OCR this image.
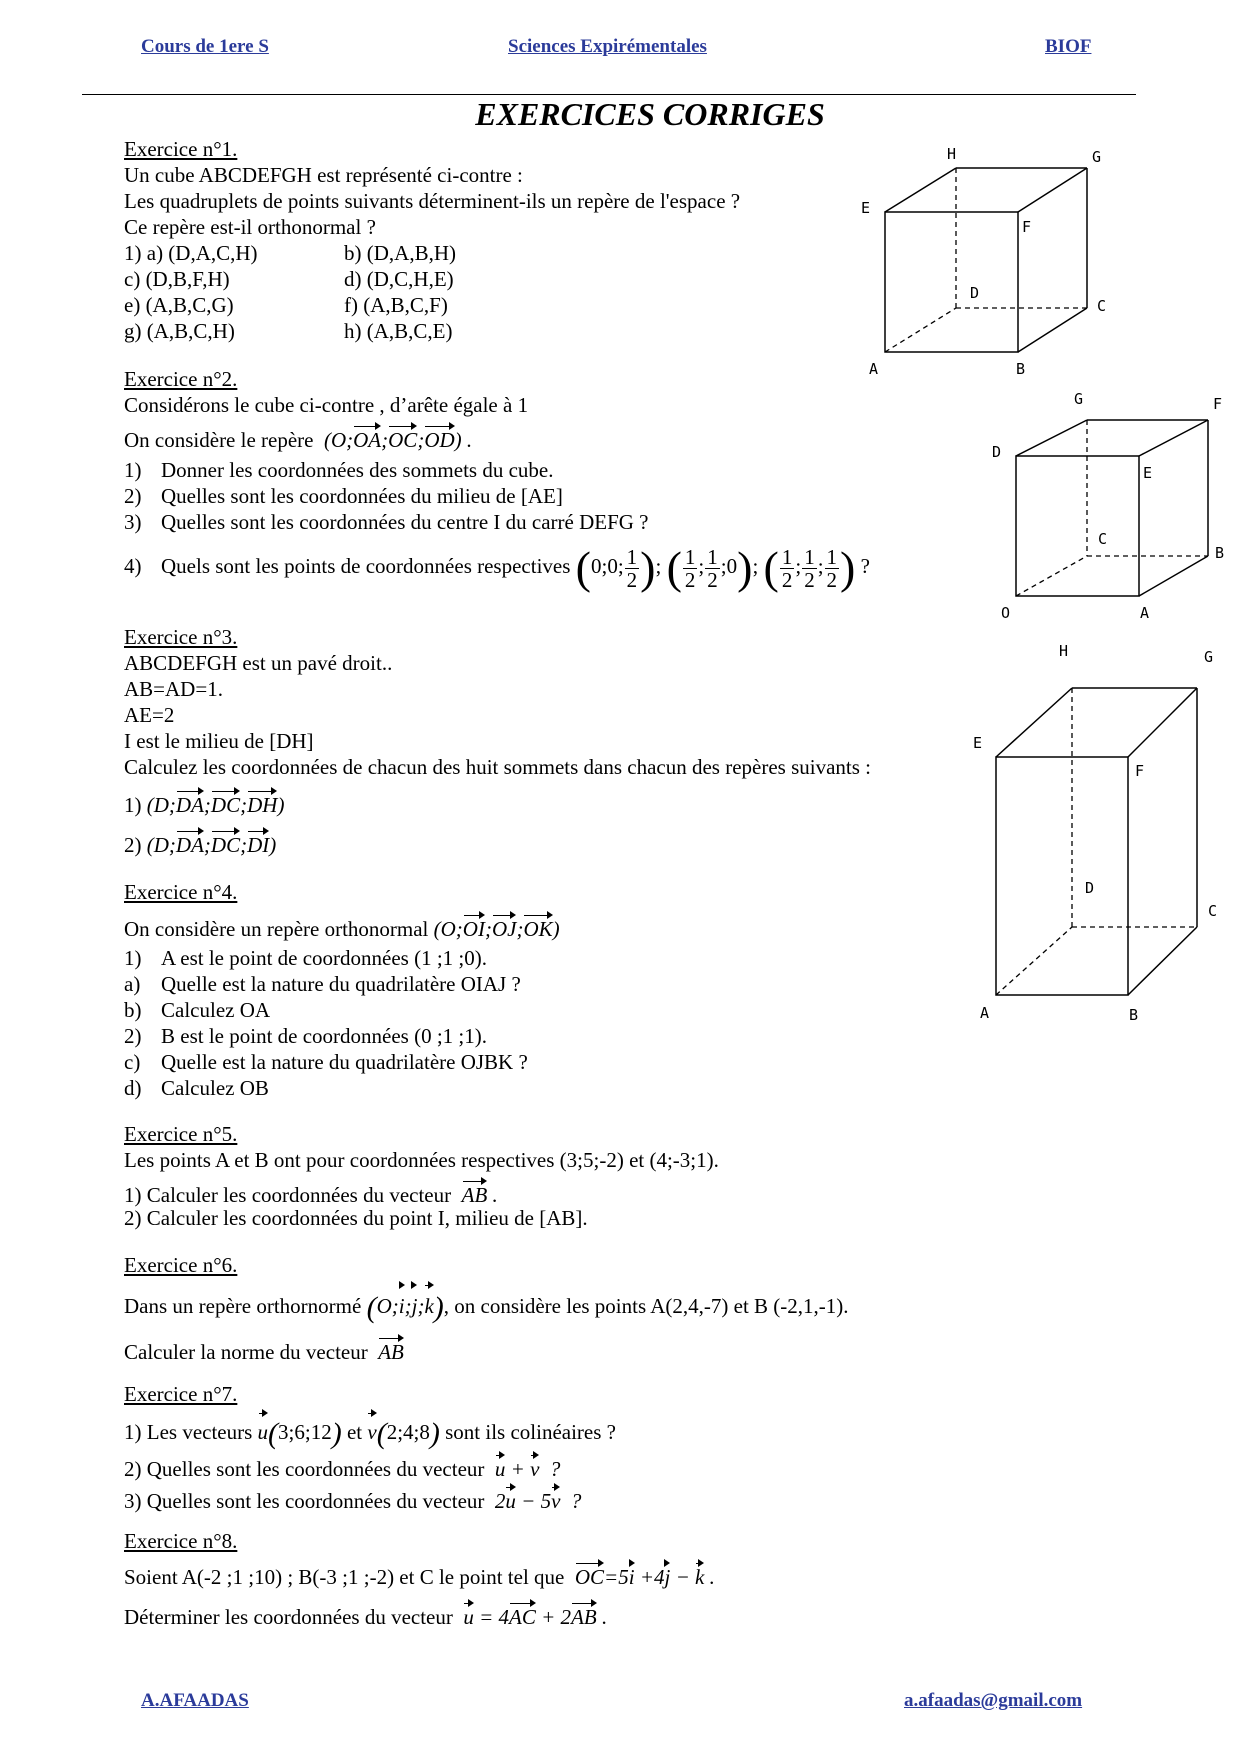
Cours de 1ere S	Sciences Expirémentales	BIOF
EXERCICES CORRIGES
Exercice n°1.
Un cube ABCDEFGH est représenté ci-contre :
Les quadruplets de points suivants déterminent-ils un repère de l'espace ?
Ce repère est-il orthonormal ?
1) a) (D,A,C,H)	b) (D,A,B,H)
c) (D,B,F,H)	d) (D,C,H,E)
e) (A,B,C,G)	f) (A,B,C,F)
g) (A,B,C,H)	h) (A,B,C,E)
H	G
E
F
D
C
A	B
Exercice n°2.
Considérons le cube ci-contre , d’arête égale à 1
On considère le repère  (O;OA;OC;OD) .
1) Donner les coordonnées des sommets du cube.
2) Quelles sont les coordonnées du milieu de [AE]
3) Quelles sont les coordonnées du centre I du carré DEFG ?
4) Quels sont les points de coordonnées respectives (0;0; $\frac{1}{2}$ ); ( $\frac{1}{2}$ ; $\frac{1}{2}$ ;0); ( $\frac{1}{2}$ ; $\frac{1}{2}$ ; $\frac{1}{2}$ ) ?
G	F
D
E
C
B
O	A
Exercice n°3.
ABCDEFGH est un pavé droit..
AB=AD=1.
AE=2
I est le milieu de [DH]
Calculez les coordonnées de chacun des huit sommets dans chacun des repères suivants :
1) (D;DA;DC;DH)
2) (D;DA;DC;DI)
H	G
E
F
D
C
A	B
Exercice n°4.
On considère un repère orthonormal (O;OI;OJ;OK)
1) A est le point de coordonnées (1 ;1 ;0).
a) Quelle est la nature du quadrilatère OIAJ ?
b) Calculez OA
2) B est le point de coordonnées (0 ;1 ;1).
c) Quelle est la nature du quadrilatère OJBK ?
d) Calculez OB
Exercice n°5.
Les points A et B ont pour coordonnées respectives (3;5;-2) et (4;-3;1).
1) Calculer les coordonnées du vecteur AB .
2) Calculer les coordonnées du point I, milieu de [AB].
Exercice n°6.
Dans un repère orthornormé (O;i;j;k), on considère les points A(2,4,-7) et B (-2,1,-1).
Calculer la norme du vecteur AB
Exercice n°7.
1) Les vecteurs u(3;6;12) et v(2;4;8) sont ils colinéaires ?
2) Quelles sont les coordonnées du vecteur u + v  ?
3) Quelles sont les coordonnées du vecteur  2u − 5v  ?
Exercice n°8.
Soient A(-2 ;1 ;10) ; B(-3 ;1 ;-2) et C le point tel que OC=5i +4j − k .
Déterminer les coordonnées du vecteur u = 4AC + 2AB .
A.AFAADAS	a.afaadas@gmail.com
